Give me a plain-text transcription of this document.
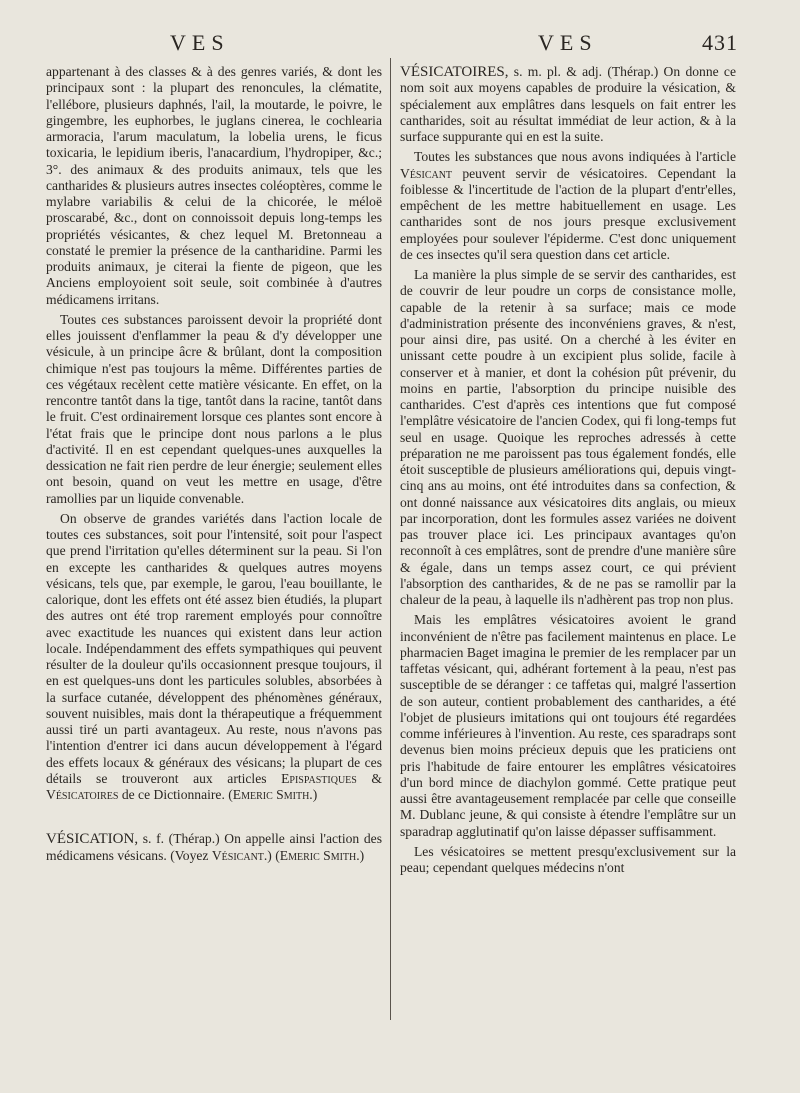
VES	VES	431

appartenant à des classes & à des genres variés, & dont les principaux sont : la plupart des renoncules, la clématite, l'ellébore, plusieurs daphnés, l'ail, la moutarde, le poivre, le gingembre, les euphorbes, le juglans cinerea, le cochlearia armoracia, l'arum maculatum, la lobelia urens, le ficus toxicaria, le lepidium iberis, l'anacardium, l'hydropiper, &c.; 3°. des animaux & des produits animaux, tels que les cantharides & plusieurs autres insectes coléoptères, comme le mylabre variabilis & celui de la chicorée, le méloë proscarabé, &c., dont on connoissoit depuis long-temps les propriétés vésicantes, & chez lequel M. Bretonneau a constaté le premier la présence de la cantharidine. Parmi les produits animaux, je citerai la fiente de pigeon, que les Anciens employoient soit seule, soit combinée à d'autres médicamens irritans.

Toutes ces substances paroissent devoir la propriété dont elles jouissent d'enflammer la peau & d'y développer une vésicule, à un principe âcre & brûlant, dont la composition chimique n'est pas toujours la même. Différentes parties de ces végétaux recèlent cette matière vésicante. En effet, on la rencontre tantôt dans la tige, tantôt dans la racine, tantôt dans le fruit. C'est ordinairement lorsque ces plantes sont encore à l'état frais que le principe dont nous parlons a le plus d'activité. Il en est cependant quelques-unes auxquelles la dessication ne fait rien perdre de leur énergie; seulement elles ont besoin, quand on veut les mettre en usage, d'être ramollies par un liquide convenable.

On observe de grandes variétés dans l'action locale de toutes ces substances, soit pour l'intensité, soit pour l'aspect que prend l'irritation qu'elles déterminent sur la peau. Si l'on en excepte les cantharides & quelques autres moyens vésicans, tels que, par exemple, le garou, l'eau bouillante, le calorique, dont les effets ont été assez bien étudiés, la plupart des autres ont été trop rarement employés pour connoître avec exactitude les nuances qui existent dans leur action locale. Indépendamment des effets sympathiques qui peuvent résulter de la douleur qu'ils occasionnent presque toujours, il en est quelques-uns dont les particules solubles, absorbées à la surface cutanée, développent des phénomènes généraux, souvent nuisibles, mais dont la thérapeutique a fréquemment aussi tiré un parti avantageux. Au reste, nous n'avons pas l'intention d'entrer ici dans aucun développement à l'égard des effets locaux & généraux des vésicans; la plupart de ces détails se trouveront aux articles Epispastiques & Vésicatoires de ce Dictionnaire. (Emeric Smith.)

VÉSICATION, s. f. (Thérap.) On appelle ainsi l'action des médicamens vésicans. (Voyez Vésicant.) (Emeric Smith.)

VÉSICATOIRES, s. m. pl. & adj. (Thérap.) On donne ce nom soit aux moyens capables de produire la vésication, & spécialement aux emplâtres dans lesquels on fait entrer les cantharides, soit au résultat immédiat de leur action, & à la surface suppurante qui en est la suite.

Toutes les substances que nous avons indiquées à l'article Vésicant peuvent servir de vésicatoires. Cependant la foiblesse & l'incertitude de l'action de la plupart d'entr'elles, empêchent de les mettre habituellement en usage. Les cantharides sont de nos jours presque exclusivement employées pour soulever l'épiderme. C'est donc uniquement de ces insectes qu'il sera question dans cet article.

La manière la plus simple de se servir des cantharides, est de couvrir de leur poudre un corps de consistance molle, capable de la retenir à sa surface; mais ce mode d'administration présente des inconvéniens graves, & n'est, pour ainsi dire, pas usité. On a cherché à les éviter en unissant cette poudre à un excipient plus solide, facile à conserver et à manier, et dont la cohésion pût prévenir, du moins en partie, l'absorption du principe nuisible des cantharides. C'est d'après ces intentions que fut composé l'emplâtre vésicatoire de l'ancien Codex, qui fi long-temps fut seul en usage. Quoique les reproches adressés à cette préparation ne me paroissent pas tous également fondés, elle étoit susceptible de plusieurs améliorations qui, depuis vingt-cinq ans au moins, ont été introduites dans sa confection, & ont donné naissance aux vésicatoires dits anglais, ou mieux par incorporation, dont les formules assez variées ne doivent pas trouver place ici. Les principaux avantages qu'on reconnoît à ces emplâtres, sont de prendre d'une manière sûre & égale, dans un temps assez court, ce qui prévient l'absorption des cantharides, & de ne pas se ramollir par la chaleur de la peau, à laquelle ils n'adhèrent pas trop non plus.

Mais les emplâtres vésicatoires avoient le grand inconvénient de n'être pas facilement maintenus en place. Le pharmacien Baget imagina le premier de les remplacer par un taffetas vésicant, qui, adhérant fortement à la peau, n'est pas susceptible de se déranger : ce taffetas qui, malgré l'assertion de son auteur, contient probablement des cantharides, a été l'objet de plusieurs imitations qui ont toujours été regardées comme inférieures à l'invention. Au reste, ces sparadraps sont devenus bien moins précieux depuis que les praticiens ont pris l'habitude de faire entourer les emplâtres vésicatoires d'un bord mince de diachylon gommé. Cette pratique peut aussi être avantageusement remplacée par celle que conseille M. Dublanc jeune, & qui consiste à étendre l'emplâtre sur un sparadrap agglutinatif qu'on laisse dépasser suffisamment.

Les vésicatoires se mettent presqu'exclusivement sur la peau; cependant quelques médecins n'ont
